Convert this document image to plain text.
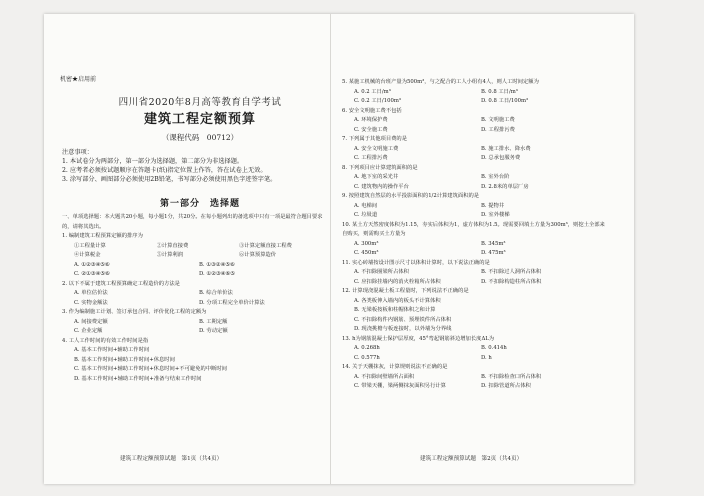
机密★启用前
四川省2020年8月高等教育自学考试
建筑工程定额预算
（课程代码　00712）
注意事项：
1. 本试卷分为两部分，第一部分为选择题，第二部分为非选择题。
2. 应考者必须按试题顺序在答题卡(纸)指定位置上作答，答在试卷上无效。
3. 涂写部分、画图部分必须使用2B铅笔，书写部分必须使用黑色字迹签字笔。
第一部分　选择题
一、单项选择题：本大题共20小题，每小题1分，共20分。在每小题列出的备选项中只有一项是最符合题目要求的，请将其选出。
1. 编制建筑工程预算定额的排序为
①工程量计算	②计算直接费	③计算定额直接工程费
④计算税金	⑤计算利润	⑥计算预算造价
A. ①②③④⑤⑥	B. ①③②④⑤⑥
C. ②①③④⑤⑥	D. ①②③④⑥⑤
2. 以下不属于建筑工程预算确定工程造价的方法是
A. 单位估价法	B. 综合单价法
C. 实物金额法	D. 分项工程完全单价计算法
3. 作为编制施工计划、签订承包合同、评价优化工程的定额为
A. 间接费定额	B. 工期定额
C. 企业定额	D. 劳动定额
4. 工人工作时间的有效工作时间是指
A. 基本工作时间+辅助工作时间
B. 基本工作时间+辅助工作时间+休息时间
C. 基本工作时间+辅助工作时间+休息时间+不可避免的中断时间
D. 基本工作时间+辅助工作时间+准备与结束工作时间
5. 某施工机械的台班产量为500m³，与之配合的工人小组有4人，则人工时间定额为
A. 0.2 工日/m³	B. 0.8 工日/m³
C. 0.2 工日/100m³	D. 0.8 工日/100m³
6. 安全文明施工费不包括
A. 环境保护费	B. 文明施工费
C. 安全施工费	D. 工程排污费
7. 下列属于其他项目费的是
A. 安全文明施工费	B. 施工排水、降水费
C. 工程排污费	D. 总承包服务费
8. 下列项目应计算建筑面积的是
A. 地下室的采光井	B. 室外台阶
C. 建筑物内的操作平台	D. 2.8米的单层厂房
9. 按照建筑自然层的水平投影面积的1/2计算建筑面积的是
A. 电梯间	B. 提物井
C. 垃圾道	D. 室外楼梯
10. 某土方天然密度体积为1.15，夯实后体积为1，虚方体积为1.5。现需要回填土方量为300m³，则挖土全部来自购买，则需购买土方量为
A. 300m³	B. 345m³
C. 450m³	D. 475m³
11. 实心砖墙按设计图示尺寸以体积计算时，以下说法正确的是
A. 不扣除圈梁所占体积	B. 不扣除过人洞所占体积
C. 应扣除挂墙内的消火栓箱所占体积	D. 不扣除构造柱所占体积
12. 计算现浇混凝土板工程量时，下列说法不正确的是
A. 各类板伸入墙内的板头不计算体积
B. 无梁板按板和柱帽体积之和计算
C. 不扣除构件内钢筋、预埋铁件所占体积
D. 现浇挑檐与板连接时，以外墙为分界线
13. h为钢筋混凝土保护层厚度，45°弯起钢筋斜边增加长度ΔL为
A. 0.268h	B. 0.414h
C. 0.577h	D. h
14. 关于天棚抹灰，计算规则说法不正确的是
A. 不扣除间壁墙所占面积	B. 不扣除检查口所占体积
C. 带梁天棚，梁两侧抹灰面积另行计算	D. 扣除管道所占体积
建筑工程定额预算试题　第1页（共4页）	建筑工程定额预算试题　第2页（共4页）
